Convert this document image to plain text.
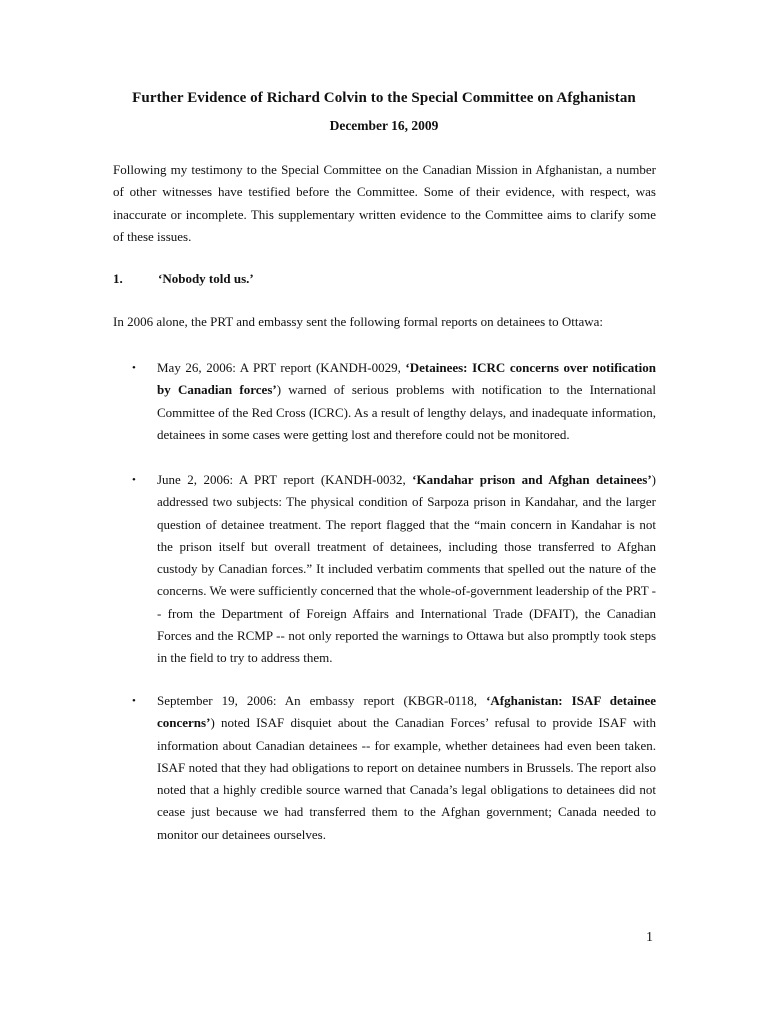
Further Evidence of Richard Colvin to the Special Committee on Afghanistan
December 16, 2009
Following my testimony to the Special Committee on the Canadian Mission in Afghanistan, a number of other witnesses have testified before the Committee. Some of their evidence, with respect, was inaccurate or incomplete. This supplementary written evidence to the Committee aims to clarify some of these issues.
1.	‘Nobody told us.’
In 2006 alone, the PRT and embassy sent the following formal reports on detainees to Ottawa:
• May 26, 2006: A PRT report (KANDH-0029, ‘Detainees: ICRC concerns over notification by Canadian forces’) warned of serious problems with notification to the International Committee of the Red Cross (ICRC). As a result of lengthy delays, and inadequate information, detainees in some cases were getting lost and therefore could not be monitored.
• June 2, 2006: A PRT report (KANDH-0032, ‘Kandahar prison and Afghan detainees’) addressed two subjects: The physical condition of Sarpoza prison in Kandahar, and the larger question of detainee treatment. The report flagged that the “main concern in Kandahar is not the prison itself but overall treatment of detainees, including those transferred to Afghan custody by Canadian forces.” It included verbatim comments that spelled out the nature of the concerns. We were sufficiently concerned that the whole-of-government leadership of the PRT -- from the Department of Foreign Affairs and International Trade (DFAIT), the Canadian Forces and the RCMP -- not only reported the warnings to Ottawa but also promptly took steps in the field to try to address them.
• September 19, 2006: An embassy report (KBGR-0118, ‘Afghanistan: ISAF detainee concerns’) noted ISAF disquiet about the Canadian Forces’ refusal to provide ISAF with information about Canadian detainees -- for example, whether detainees had even been taken. ISAF noted that they had obligations to report on detainee numbers in Brussels. The report also noted that a highly credible source warned that Canada’s legal obligations to detainees did not cease just because we had transferred them to the Afghan government; Canada needed to monitor our detainees ourselves.
1
